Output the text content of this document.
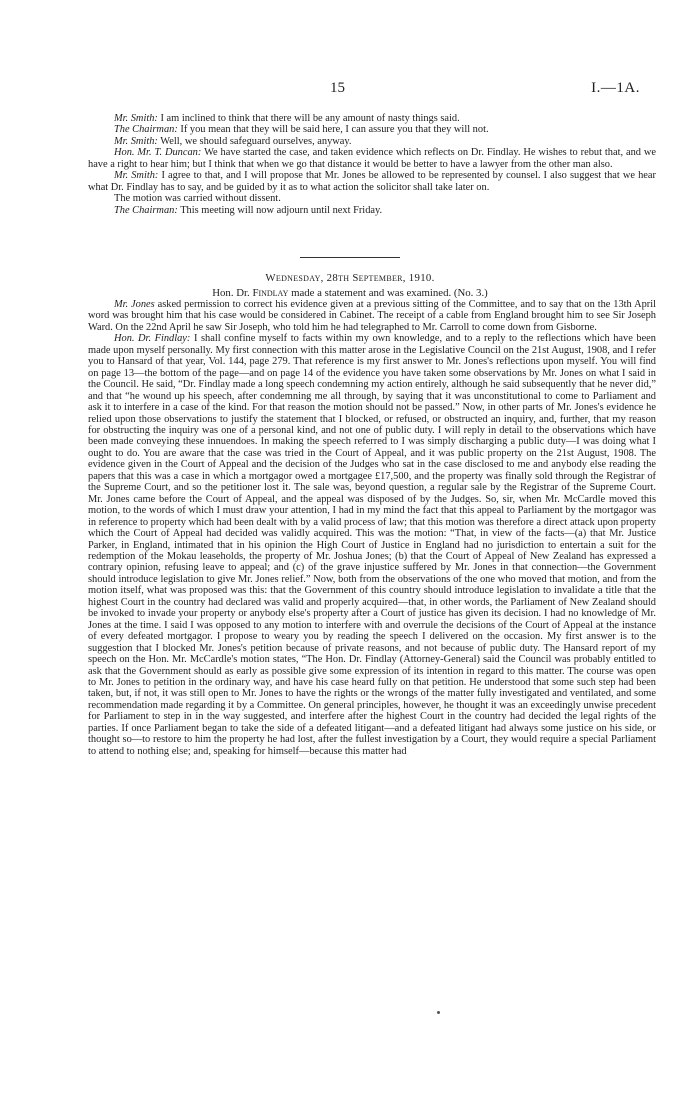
15	I.—1A.

Mr. Smith: I am inclined to think that there will be any amount of nasty things said.

The Chairman: If you mean that they will be said here, I can assure you that they will not.

Mr. Smith: Well, we should safeguard ourselves, anyway.

Hon. Mr. T. Duncan: We have started the case, and taken evidence which reflects on Dr. Findlay. He wishes to rebut that, and we have a right to hear him; but I think that when we go that distance it would be better to have a lawyer from the other man also.

Mr. Smith: I agree to that, and I will propose that Mr. Jones be allowed to be represented by counsel. I also suggest that we hear what Dr. Findlay has to say, and be guided by it as to what action the solicitor shall take later on.

The motion was carried without dissent.

The Chairman: This meeting will now adjourn until next Friday.

Wednesday, 28th September, 1910.
Hon. Dr. Findlay made a statement and was examined. (No. 3.)

Mr. Jones asked permission to correct his evidence given at a previous sitting of the Committee, and to say that on the 13th April word was brought him that his case would be considered in Cabinet. The receipt of a cable from England brought him to see Sir Joseph Ward. On the 22nd April he saw Sir Joseph, who told him he had telegraphed to Mr. Carroll to come down from Gisborne.

Hon. Dr. Findlay: I shall confine myself to facts within my own knowledge, and to a reply to the reflections which have been made upon myself personally. My first connection with this matter arose in the Legislative Council on the 21st August, 1908, and I refer you to Hansard of that year, Vol. 144, page 279. That reference is my first answer to Mr. Jones's reflections upon myself. You will find on page 13—the bottom of the page—and on page 14 of the evidence you have taken some observations by Mr. Jones on what I said in the Council. He said, “Dr. Findlay made a long speech condemning my action entirely, although he said subsequently that he never did,” and that “he wound up his speech, after condemning me all through, by saying that it was unconstitutional to come to Parliament and ask it to interfere in a case of the kind. For that reason the motion should not be passed.” Now, in other parts of Mr. Jones's evidence he relied upon those observations to justify the statement that I blocked, or refused, or obstructed an inquiry, and, further, that my reason for obstructing the inquiry was one of a personal kind, and not one of public duty. I will reply in detail to the observations which have been made conveying these innuendoes. In making the speech referred to I was simply discharging a public duty—I was doing what I ought to do. You are aware that the case was tried in the Court of Appeal, and it was public property on the 21st August, 1908. The evidence given in the Court of Appeal and the decision of the Judges who sat in the case disclosed to me and anybody else reading the papers that this was a case in which a mortgagor owed a mortgagee £17,500, and the property was finally sold through the Registrar of the Supreme Court, and so the petitioner lost it. The sale was, beyond question, a regular sale by the Registrar of the Supreme Court. Mr. Jones came before the Court of Appeal, and the appeal was disposed of by the Judges. So, sir, when Mr. McCardle moved this motion, to the words of which I must draw your attention, I had in my mind the fact that this appeal to Parliament by the mortgagor was in reference to property which had been dealt with by a valid process of law; that this motion was therefore a direct attack upon property which the Court of Appeal had decided was validly acquired. This was the motion: “That, in view of the facts—(a) that Mr. Justice Parker, in England, intimated that in his opinion the High Court of Justice in England had no jurisdiction to entertain a suit for the redemption of the Mokau leaseholds, the property of Mr. Joshua Jones; (b) that the Court of Appeal of New Zealand has expressed a contrary opinion, refusing leave to appeal; and (c) of the grave injustice suffered by Mr. Jones in that connection—the Government should introduce legislation to give Mr. Jones relief.” Now, both from the observations of the one who moved that motion, and from the motion itself, what was proposed was this: that the Government of this country should introduce legislation to invalidate a title that the highest Court in the country had declared was valid and properly acquired—that, in other words, the Parliament of New Zealand should be invoked to invade your property or anybody else's property after a Court of justice has given its decision. I had no knowledge of Mr. Jones at the time. I said I was opposed to any motion to interfere with and overrule the decisions of the Court of Appeal at the instance of every defeated mortgagor. I propose to weary you by reading the speech I delivered on the occasion. My first answer is to the suggestion that I blocked Mr. Jones's petition because of private reasons, and not because of public duty. The Hansard report of my speech on the Hon. Mr. McCardle's motion states, “The Hon. Dr. Findlay (Attorney-General) said the Council was probably entitled to ask that the Government should as early as possible give some expression of its intention in regard to this matter. The course was open to Mr. Jones to petition in the ordinary way, and have his case heard fully on that petition. He understood that some such step had been taken, but, if not, it was still open to Mr. Jones to have the rights or the wrongs of the matter fully investigated and ventilated, and some recommendation made regarding it by a Committee. On general principles, however, he thought it was an exceedingly unwise precedent for Parliament to step in in the way suggested, and interfere after the highest Court in the country had decided the legal rights of the parties. If once Parliament began to take the side of a defeated litigant—and a defeated litigant had always some justice on his side, or thought so—to restore to him the property he had lost, after the fullest investigation by a Court, they would require a special Parliament to attend to nothing else; and, speaking for himself—because this matter had
